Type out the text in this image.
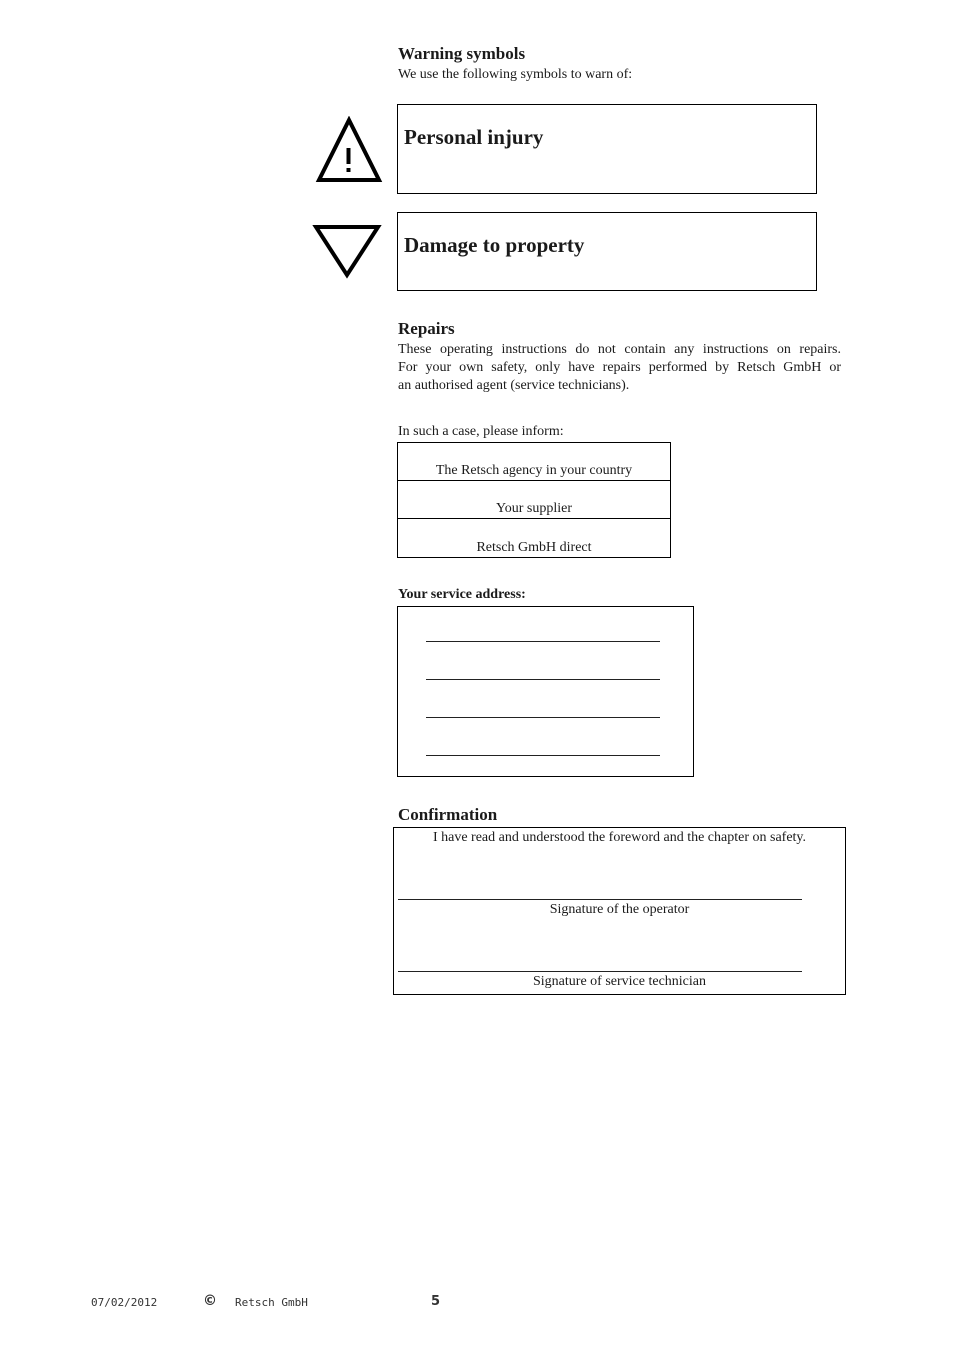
Warning symbols
We use the following symbols to warn of:
Personal injury
Damage to property
Repairs
These operating instructions do not contain any instructions on repairs.
For your own safety, only have repairs performed by Retsch GmbH or
an authorised agent (service technicians).
In such a case, please inform:
The Retsch agency in your country
Your supplier
Retsch GmbH direct
Your service address:
Confirmation
I have read and understood the foreword and the chapter on safety.
Signature of the operator
Signature of service technician
07/02/2012	© Retsch GmbH	5
